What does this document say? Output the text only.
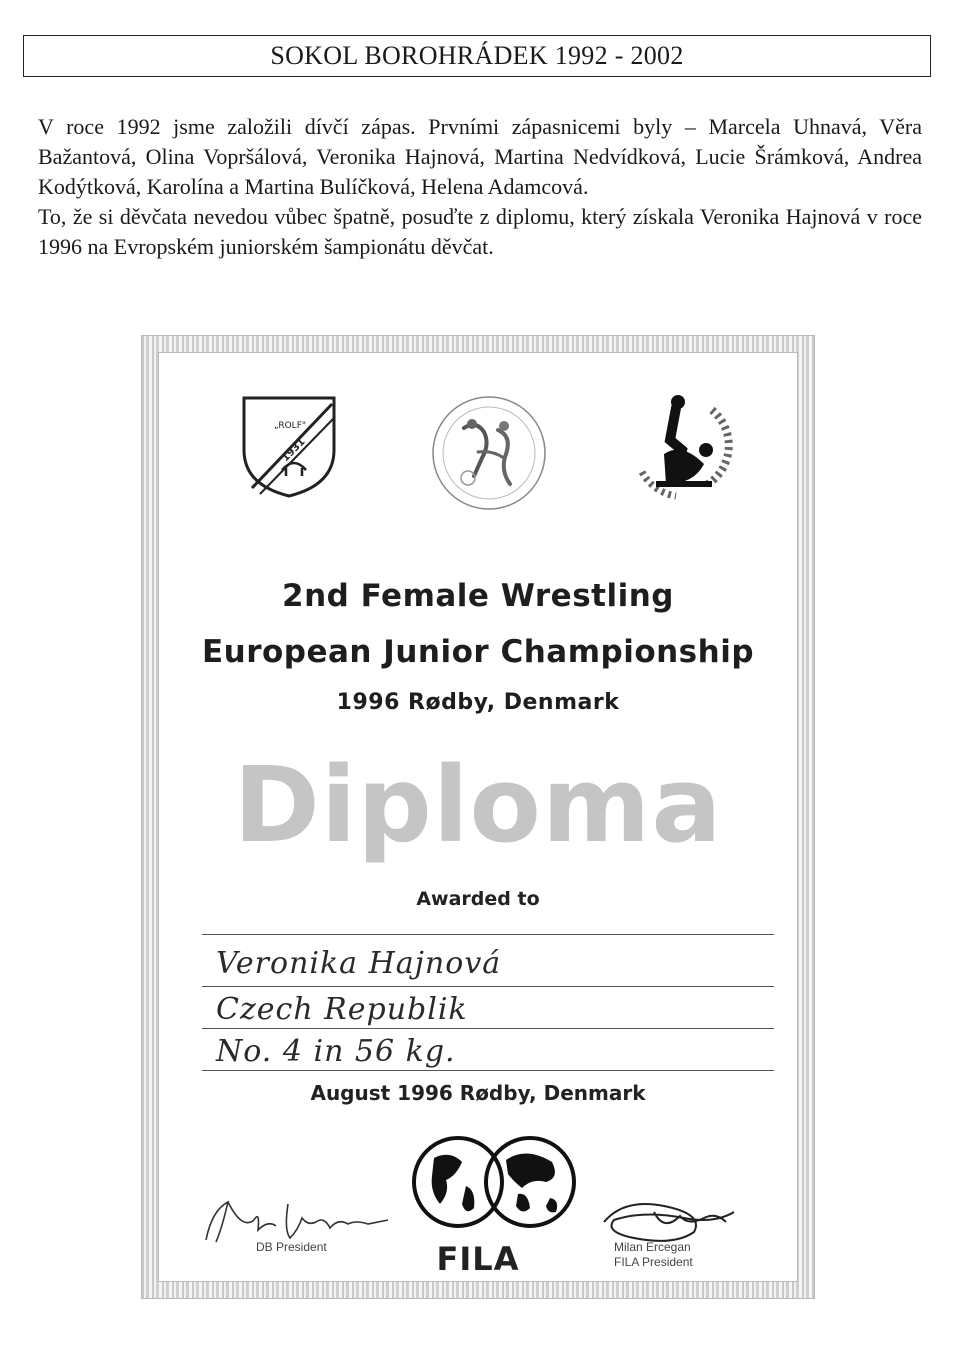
SOKOL BOROHRÁDEK 1992 - 2002

V roce 1992 jsme založili dívčí zápas. Prvními zápasnicemi byly – Marcela Uhnavá, Věra Bažantová, Olina Vopršálová, Veronika Hajnová, Martina Nedvídková, Lucie Šrámková, Andrea Kodýtková, Karolína a Martina Bulíčková, Helena Adamcová.

To, že si děvčata nevedou vůbec špatně, posuďte z diplomu, který získala Veronika Hajnová v roce 1996 na Evropském juniorském šampionátu děvčat.

„ROLF"
1931
2nd Female Wrestling
European Junior Championship
1996 Rødby, Denmark
Diploma
Awarded to
Veronika Hajnová
Czech Republik
No. 4 in 56 kg.
August 1996 Rødby, Denmark
FILA
DB President	Milan Ercegan
FILA President
